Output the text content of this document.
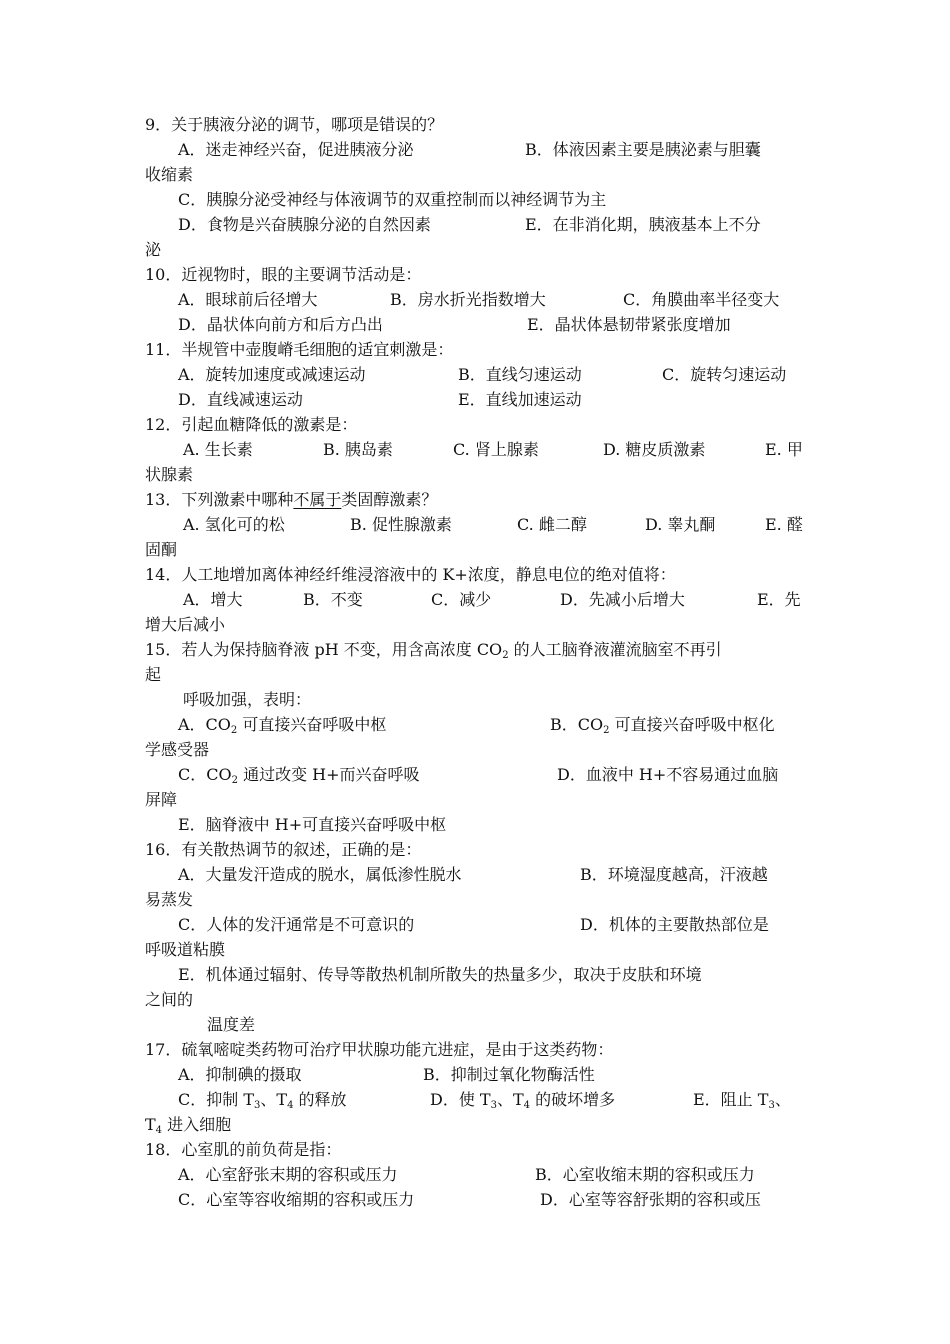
9．关于胰液分泌的调节，哪项是错误的？
A．迷走神经兴奋，促进胰液分泌	B．体液因素主要是胰泌素与胆囊
收缩素
C．胰腺分泌受神经与体液调节的双重控制而以神经调节为主
D．食物是兴奋胰腺分泌的自然因素	E．在非消化期，胰液基本上不分
泌
10．近视物时，眼的主要调节活动是：
A．眼球前后径增大	B．房水折光指数增大	C．角膜曲率半径变大
D．晶状体向前方和后方凸出	E．晶状体悬韧带紧张度增加
11．半规管中壶腹嵴毛细胞的适宜刺激是：
A．旋转加速度或减速运动	B．直线匀速运动	C．旋转匀速运动
D．直线减速运动	E．直线加速运动
12．引起血糖降低的激素是：
A. 生长素	B. 胰岛素	C. 肾上腺素	D. 糖皮质激素	E. 甲
状腺素
13．下列激素中哪种不属于类固醇激素？
A. 氢化可的松	B. 促性腺激素	C. 雌二醇	D. 睾丸酮	E. 醛
固酮
14．人工地增加离体神经纤维浸溶液中的 K+浓度，静息电位的绝对值将：
A．增大	B．不变	C．减少	D．先减小后增大	E．先
增大后减小
15．若人为保持脑脊液 pH 不变，用含高浓度 $CO_2$ 的人工脑脊液灌流脑室不再引
起
呼吸加强，表明：
A．$CO_2$ 可直接兴奋呼吸中枢	B．$CO_2$ 可直接兴奋呼吸中枢化
学感受器
C．$CO_2$ 通过改变 H+而兴奋呼吸	D．血液中 H+不容易通过血脑
屏障
E．脑脊液中 H+可直接兴奋呼吸中枢
16．有关散热调节的叙述，正确的是：
A．大量发汗造成的脱水，属低渗性脱水	B．环境湿度越高，汗液越
易蒸发
C．人体的发汗通常是不可意识的	D．机体的主要散热部位是
呼吸道粘膜
E．机体通过辐射、传导等散热机制所散失的热量多少，取决于皮肤和环境
之间的
温度差
17．硫氧嘧啶类药物可治疗甲状腺功能亢进症，是由于这类药物：
A．抑制碘的摄取	B．抑制过氧化物酶活性
C．抑制 $T_3$、$T_4$ 的释放	D．使 $T_3$、$T_4$ 的破坏增多	E．阻止 $T_3$、
$T_4$ 进入细胞
18．心室肌的前负荷是指：
A．心室舒张末期的容积或压力	B．心室收缩末期的容积或压力
C．心室等容收缩期的容积或压力	D．心室等容舒张期的容积或压
